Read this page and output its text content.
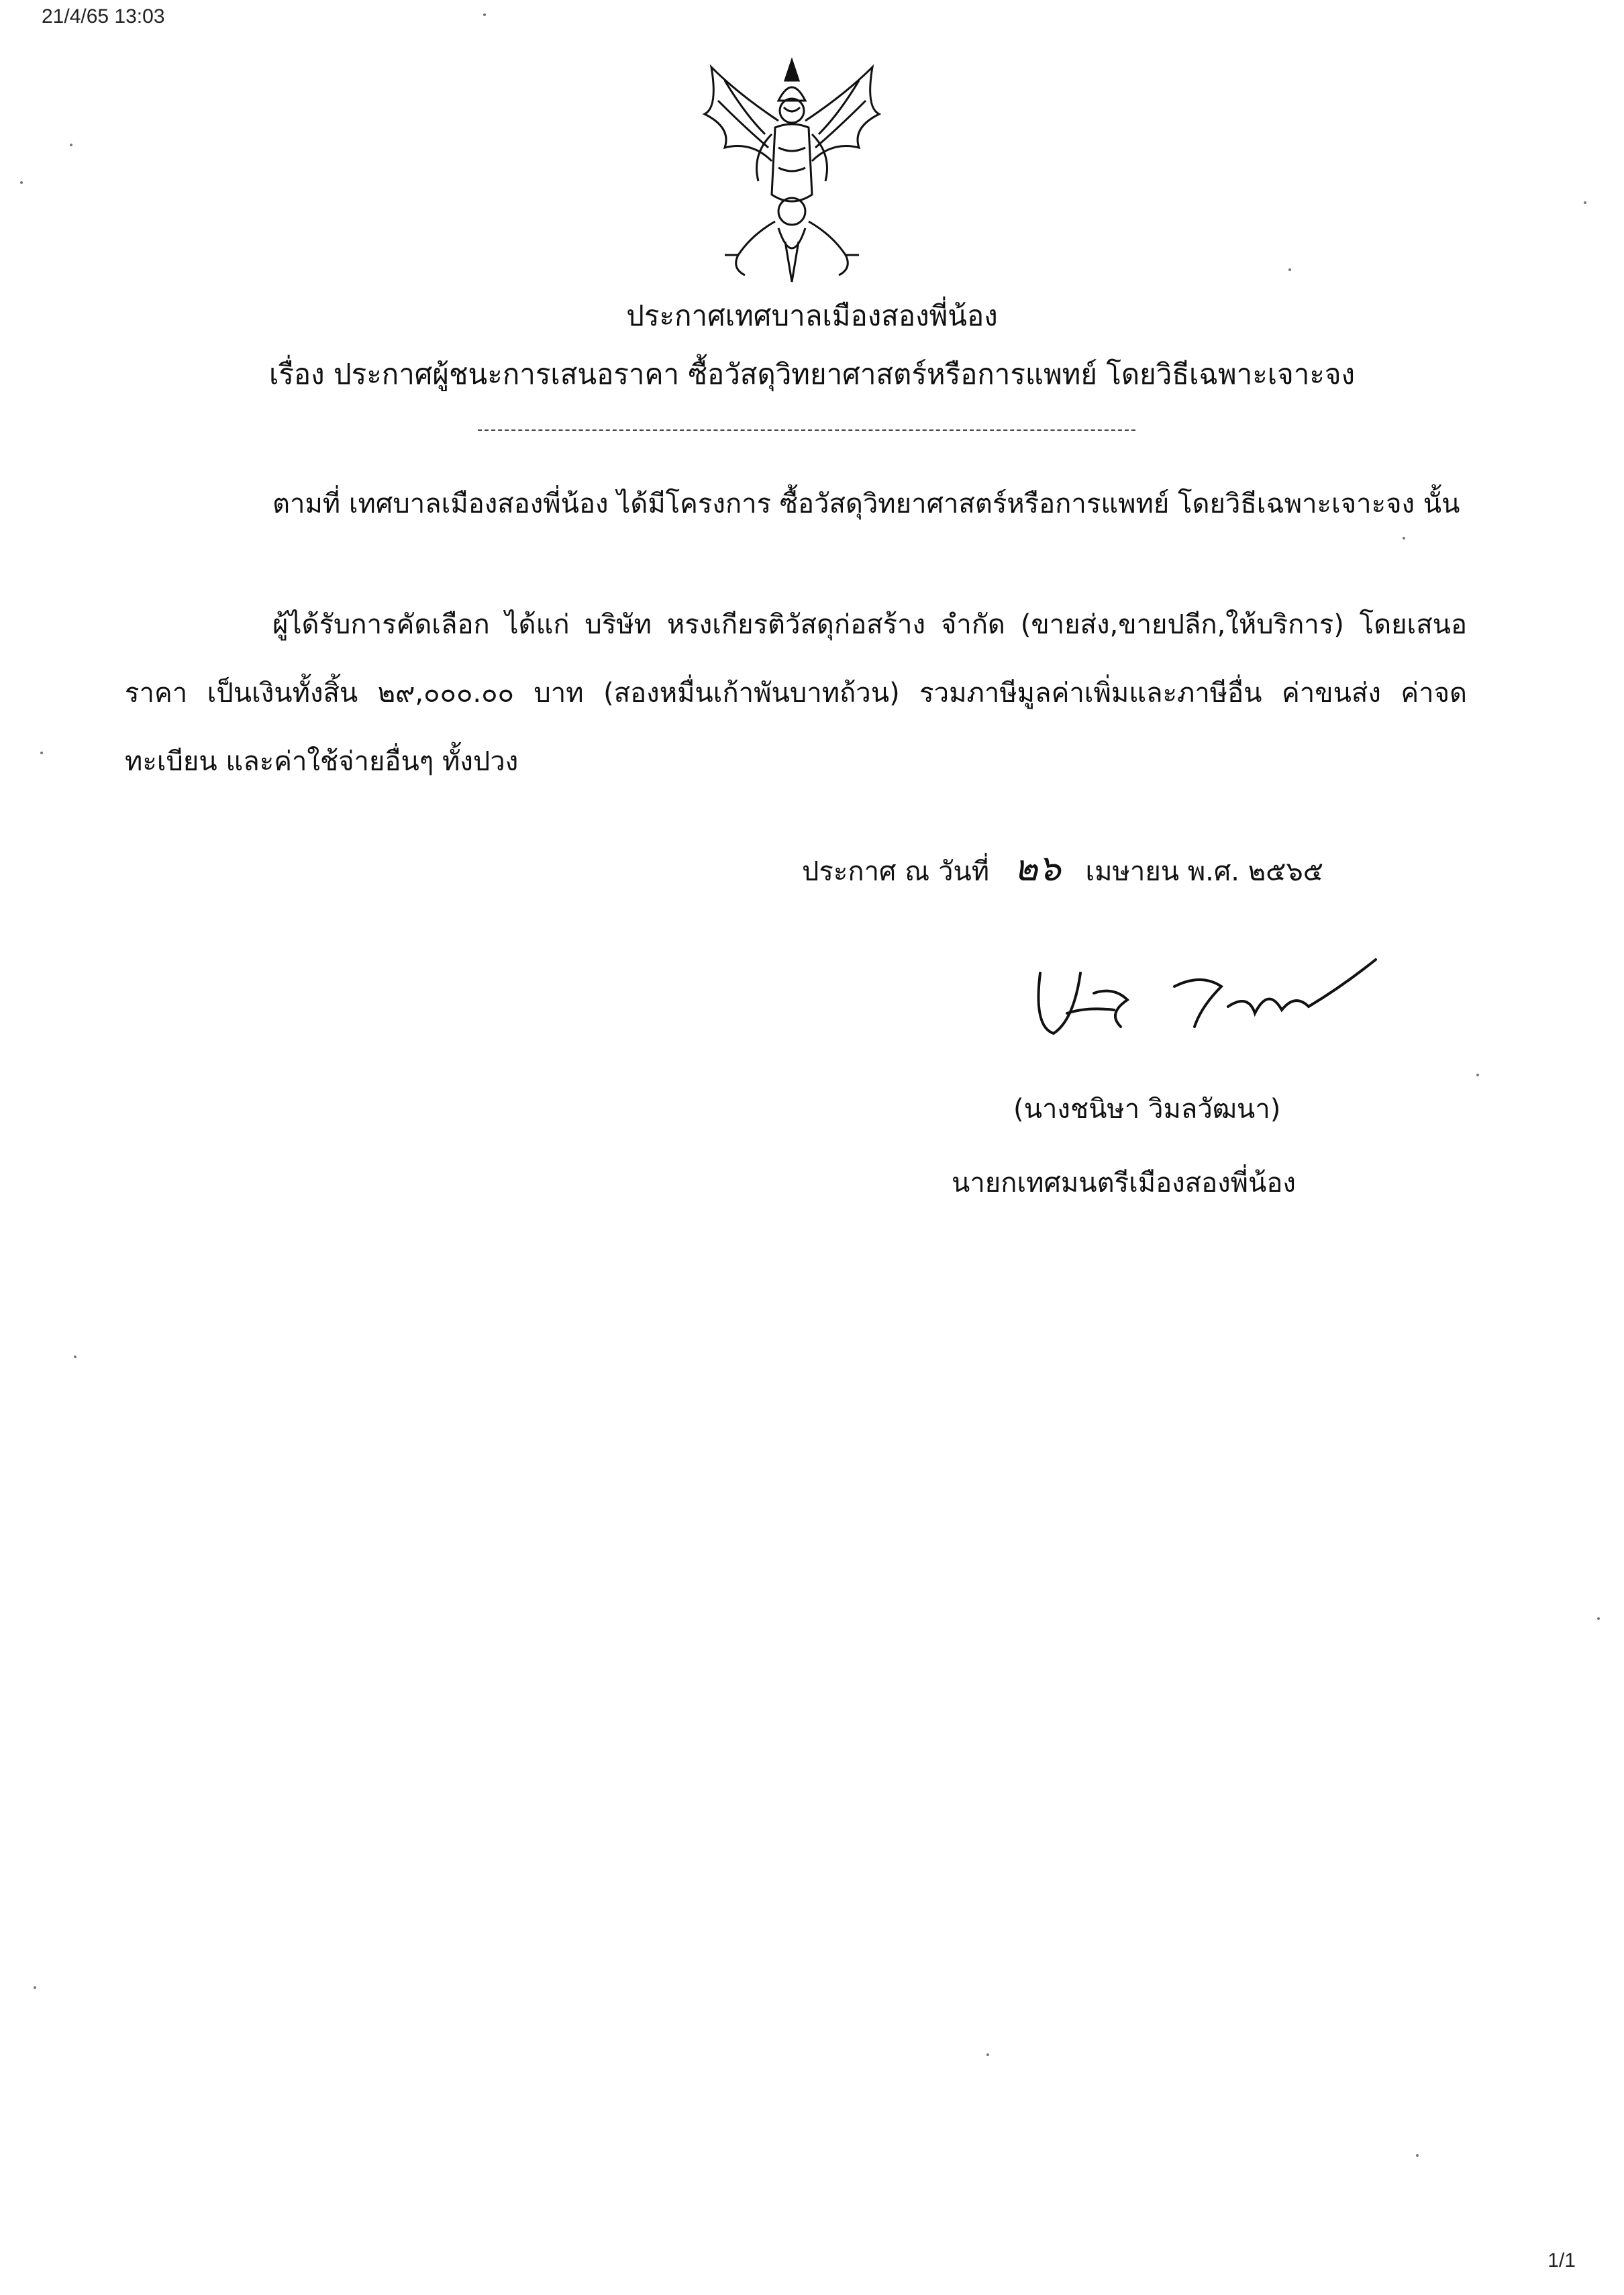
21/4/65 13:03
ประกาศเทศบาลเมืองสองพี่น้อง
เรื่อง ประกาศผู้ชนะการเสนอราคา ซื้อวัสดุวิทยาศาสตร์หรือการแพทย์ โดยวิธีเฉพาะเจาะจง
ตามที่ เทศบาลเมืองสองพี่น้อง ได้มีโครงการ ซื้อวัสดุวิทยาศาสตร์หรือการแพทย์ โดยวิธีเฉพาะเจาะจง นั้น
ผู้ได้รับการคัดเลือก ได้แก่ บริษัท หรงเกียรติวัสดุก่อสร้าง จำกัด (ขายส่ง,ขายปลีก,ให้บริการ) โดยเสนอราคา เป็นเงินทั้งสิ้น ๒๙,๐๐๐.๐๐ บาท (สองหมื่นเก้าพันบาทถ้วน) รวมภาษีมูลค่าเพิ่มและภาษีอื่น ค่าขนส่ง ค่าจดทะเบียน และค่าใช้จ่ายอื่นๆ ทั้งปวง
ประกาศ ณ วันที่ ๒๖ เมษายน พ.ศ. ๒๕๖๕
(นางชนิษา วิมลวัฒนา)
นายกเทศมนตรีเมืองสองพี่น้อง
1/1
